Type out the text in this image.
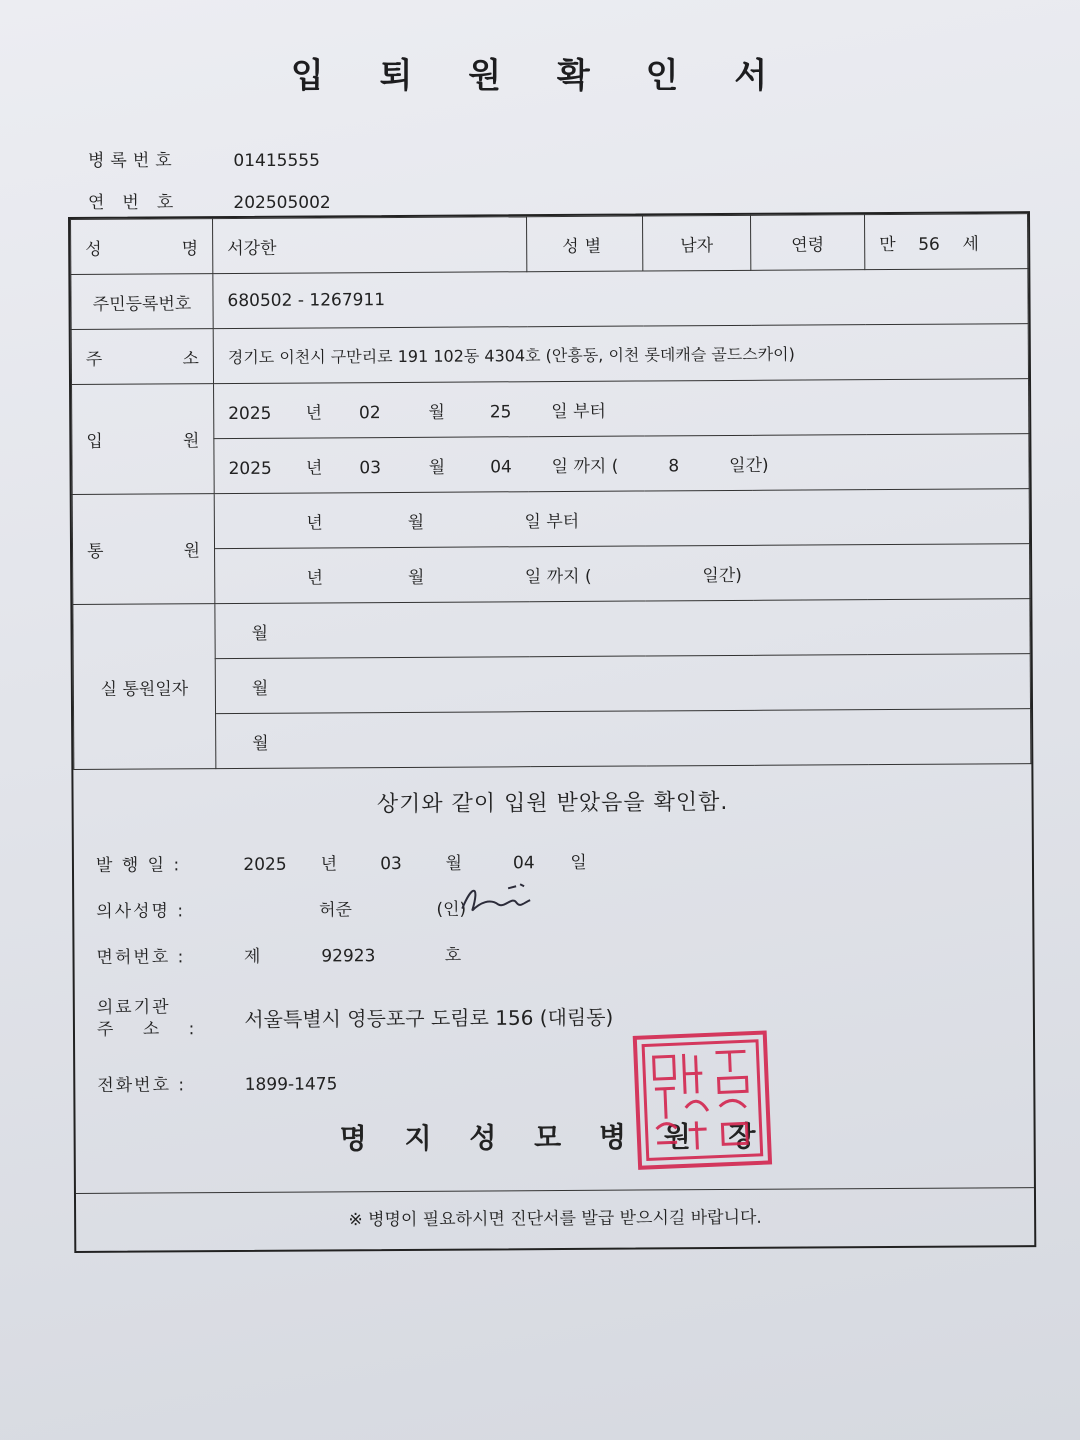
입 퇴 원 확 인 서
병록번호	01415555
연번호 202505002
성 명	서강한	성별	남자	연령	만 56 세
주민등록번호	680502 - 1267911				
주 소	경기도 이천시 구만리로 191 102동 4304호 (안흥동, 이천 롯데캐슬 골드스카이)				
입 원	2025 년 02 월 25 일 부터				
	2025 년 03 월 04 일 까지 ( 8 일간)				
통 원	년 월 일 부터				
	년 월 일 까지 ( 일간)				
실 통원일자	월				
	월				
	월				
상기와 같이 입원 받았음을 확인함.
발 행 일 :	2025 년	03	월	04 일
의사성명 :	허준	(인)
면허번호 :	제	92923	호
의료기관
주 소 : 서울특별시 영등포구 도림로 156 (대림동)
전화번호 :	1899-1475
명 지 성 모 병 원 장
※ 병명이 필요하시면 진단서를 발급 받으시길 바랍니다.
